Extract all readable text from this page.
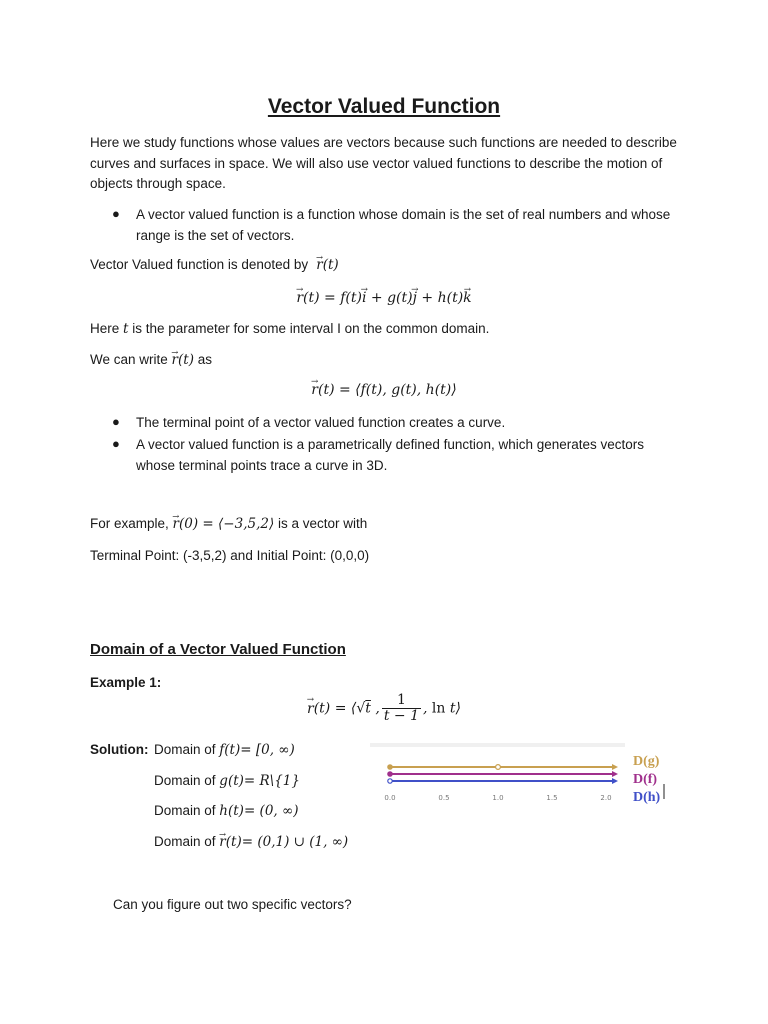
Vector Valued Function
Here we study functions whose values are vectors because such functions are needed to describe curves and surfaces in space. We will also use vector valued functions to describe the motion of objects through space.
● A vector valued function is a function whose domain is the set of real numbers and whose range is the set of vectors.
Vector Valued function is denoted by → r(t)
→ r(t) = f(t)→ i + g(t)→ j + h(t)→ k
Here t is the parameter for some interval I on the common domain.
We can write → r(t) as
→ r(t) = ⟨f(t), g(t), h(t)⟩
● The terminal point of a vector valued function creates a curve.
● A vector valued function is a parametrically defined function, which generates vectors whose terminal points trace a curve in 3D.
For example, → r(0) = ⟨−3,5,2⟩ is a vector with
Terminal Point: (-3,5,2) and Initial Point: (0,0,0)
Domain of a Vector Valued Function
Example 1:
→ r(t) = ⟨√t , $\frac{1}{t - 1}$ , ln t⟩
Solution: Domain of f(t)= [0, ∞)
Domain of g(t)= R\{1}
Domain of h(t)= (0, ∞)
Domain of → r(t)= (0,1) ∪ (1, ∞)
D(g)
D(f)
D(h)
0.0	0.5	1.0	1.5	2.0
Can you figure out two specific vectors?
